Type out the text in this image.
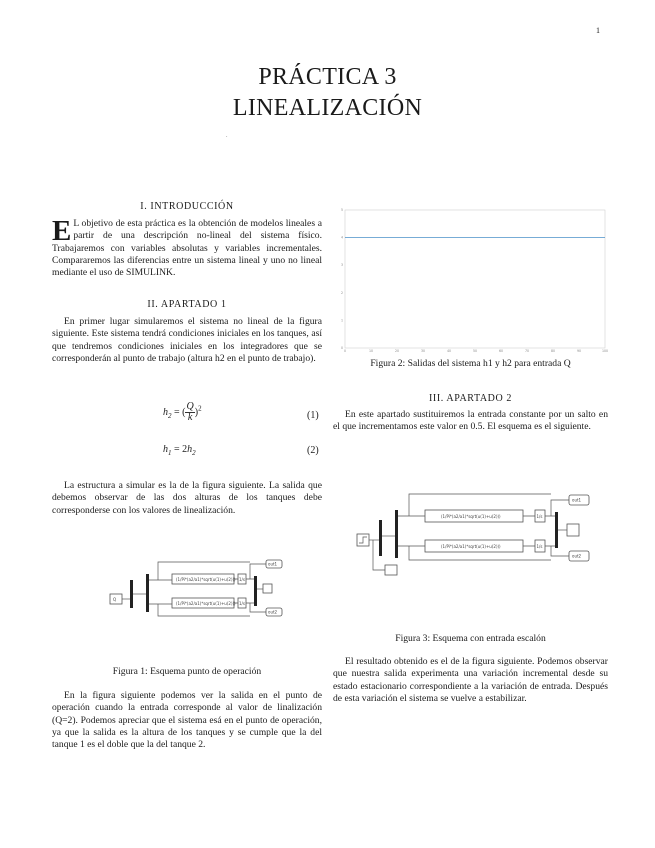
1
PRÁCTICA 3
LINEALIZACIÓN
.
I. INTRODUCCIÓN
E L objetivo de esta práctica es la obtención de modelos lineales a partir de una descripción no-lineal del sistema físico. Trabajaremos con variables absolutas y variables incrementales. Compararemos las diferencias entre un sistema lineal y uno no lineal mediante el uso de SIMULINK.
II. APARTADO 1
En primer lugar simularemos el sistema no lineal de la figura siguiente. Este sistema tendrá condiciones iniciales en los tanques, así que tendremos condiciones iniciales en los integradores que se corresponderán al punto de trabajo (altura h2 en el punto de trabajo).
$h_2$ = ( $\frac{Q}{k} )^2$
(1)
$h_1 = 2h_2$	(2)
La estructura a simular es la de la figura siguiente. La salida que debemos observar de las dos alturas de los tanques debe corresponderse con los valores de linealización.
Q
(1/Pi*(a2/a1)*sqrt(u(1)+u(2)))
(1/Pi*(a2/a1)*sqrt(u(1)+u(2)))
1/s
1/s
out1
out2
Figura 1: Esquema punto de operación
En la figura siguiente podemos ver la salida en el punto de operación cuando la entrada corresponde al valor de linalización (Q=2). Podemos apreciar que el sistema esá en el punto de operación, ya que la salida es la altura de los tanques y se cumple que la del tanque 1 es el doble que la del tanque 2.
0
1
2
3
4
5
0	10	20	30	40	50	60	70	80	90	100
Figura 2: Salidas del sistema h1 y h2 para entrada Q
III. APARTADO 2
En este apartado sustituiremos la entrada constante por un salto en el que incrementamos este valor en 0.5. El esquema es el siguiente.
(1/Pi*(a2/a1)*sqrt(u(1)+u(2)))
(1/Pi*(a2/a1)*sqrt(u(1)+u(2)))
1/s
1/s
out1
out2
Figura 3: Esquema con entrada escalón
El resultado obtenido es el de la figura siguiente. Podemos observar que nuestra salida experimenta una variación incremental desde su estado estacionario correspondiente a la variación de entrada. Después de esta variación el sistema se vuelve a estabilizar.
